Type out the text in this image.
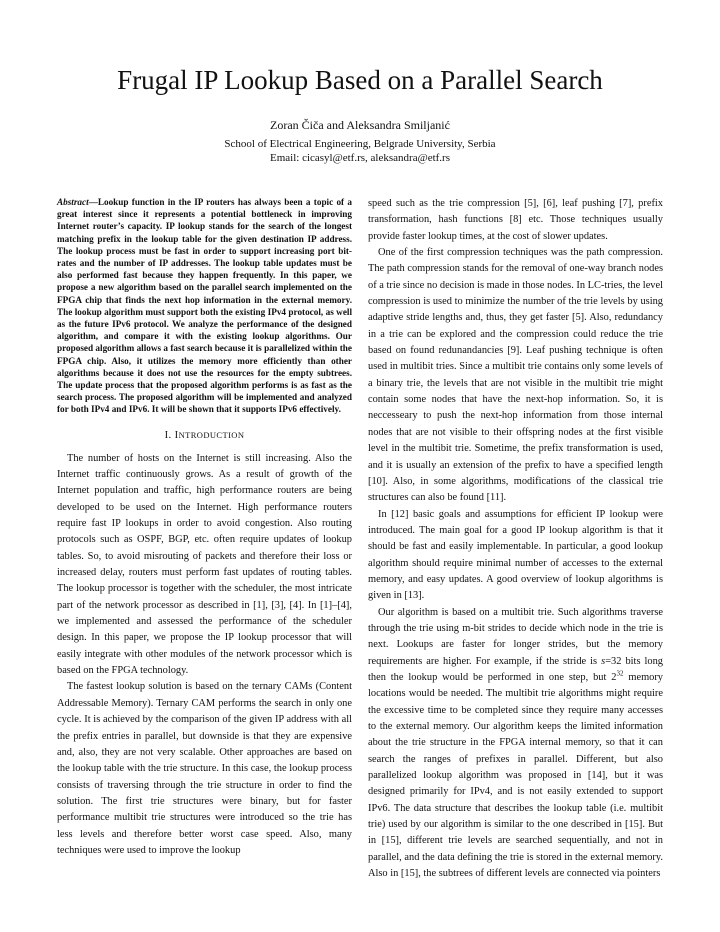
Frugal IP Lookup Based on a Parallel Search
Zoran Čiča and Aleksandra Smiljanić
School of Electrical Engineering, Belgrade University, Serbia
Email: cicasyl@etf.rs, aleksandra@etf.rs

Abstract—Lookup function in the IP routers has always been a topic of a great interest since it represents a potential bottleneck in improving Internet router’s capacity. IP lookup stands for the search of the longest matching prefix in the lookup table for the given destination IP address. The lookup process must be fast in order to support increasing port bit-rates and the number of IP addresses. The lookup table updates must be also performed fast because they happen frequently. In this paper, we propose a new algorithm based on the parallel search implemented on the FPGA chip that finds the next hop information in the external memory. The lookup algorithm must support both the existing IPv4 protocol, as well as the future IPv6 protocol. We analyze the performance of the designed algorithm, and compare it with the existing lookup algorithms. Our proposed algorithm allows a fast search because it is parallelized within the FPGA chip. Also, it utilizes the memory more efficiently than other algorithms because it does not use the resources for the empty subtrees. The update process that the proposed algorithm performs is as fast as the search process. The proposed algorithm will be implemented and analyzed for both IPv4 and IPv6. It will be shown that it supports IPv6 effectively.

I. INTRODUCTION

The number of hosts on the Internet is still increasing. Also the Internet traffic continuously grows. As a result of growth of the Internet population and traffic, high performance routers are being developed to be used on the Internet. High performance routers require fast IP lookups in order to avoid congestion. Also routing protocols such as OSPF, BGP, etc. often require updates of lookup tables. So, to avoid misrouting of packets and therefore their loss or increased delay, routers must perform fast updates of routing tables. The lookup processor is together with the scheduler, the most intricate part of the network processor as described in [1], [3], [4]. In [1]–[4], we implemented and assessed the performance of the scheduler design. In this paper, we propose the IP lookup processor that will easily integrate with other modules of the network processor which is based on the FPGA technology.

The fastest lookup solution is based on the ternary CAMs (Content Addressable Memory). Ternary CAM performs the search in only one cycle. It is achieved by the comparison of the given IP address with all the prefix entries in parallel, but downside is that they are expensive and, also, they are not very scalable. Other approaches are based on the lookup table with the trie structure. In this case, the lookup process consists of traversing through the trie structure in order to find the solution. The first trie structures were binary, but for faster performance multibit trie structures were introduced so the trie has less levels and therefore better worst case speed. Also, many techniques were used to improve the lookup

speed such as the trie compression [5], [6], leaf pushing [7], prefix transformation, hash functions [8] etc. Those techniques usually provide faster lookup times, at the cost of slower updates.

One of the first compression techniques was the path compression. The path compression stands for the removal of one-way branch nodes of a trie since no decision is made in those nodes. In LC-tries, the level compression is used to minimize the number of the trie levels by using adaptive stride lengths and, thus, they get faster [5]. Also, redundancy in a trie can be explored and the compression could reduce the trie based on found redunandancies [9]. Leaf pushing technique is often used in multibit tries. Since a multibit trie contains only some levels of a binary trie, the levels that are not visible in the multibit trie might contain some nodes that have the next-hop information. So, it is neccesseary to push the next-hop information from those internal nodes that are not visible to their offspring nodes at the first visible level in the multibit trie. Sometime, the prefix transformation is used, and it is usually an extension of the prefix to have a specified length [10]. Also, in some algorithms, modifications of the classical trie structures can also be found [11].

In [12] basic goals and assumptions for efficient IP lookup were introduced. The main goal for a good IP lookup algorithm is that it should be fast and easily implementable. In particular, a good lookup algorithm should require minimal number of accesses to the external memory, and easy updates. A good overview of lookup algorithms is given in [13].

Our algorithm is based on a multibit trie. Such algorithms traverse through the trie using m-bit strides to decide which node in the trie is next. Lookups are faster for longer strides, but the memory requirements are higher. For example, if the stride is s=32 bits long then the lookup would be performed in one step, but $2^{32}$ memory locations would be needed. The multibit trie algorithms might require the excessive time to be completed since they require many accesses to the external memory. Our algorithm keeps the limited information about the trie structure in the FPGA internal memory, so that it can search the ranges of prefixes in parallel. Different, but also parallelized lookup algorithm was proposed in [14], but it was designed primarily for IPv4, and is not easily extended to support IPv6. The data structure that describes the lookup table (i.e. multibit trie) used by our algorithm is similar to the one described in [15]. But in [15], different trie levels are searched sequentially, and not in parallel, and the data defining the trie is stored in the external memory. Also in [15], the subtrees of different levels are connected via pointers
